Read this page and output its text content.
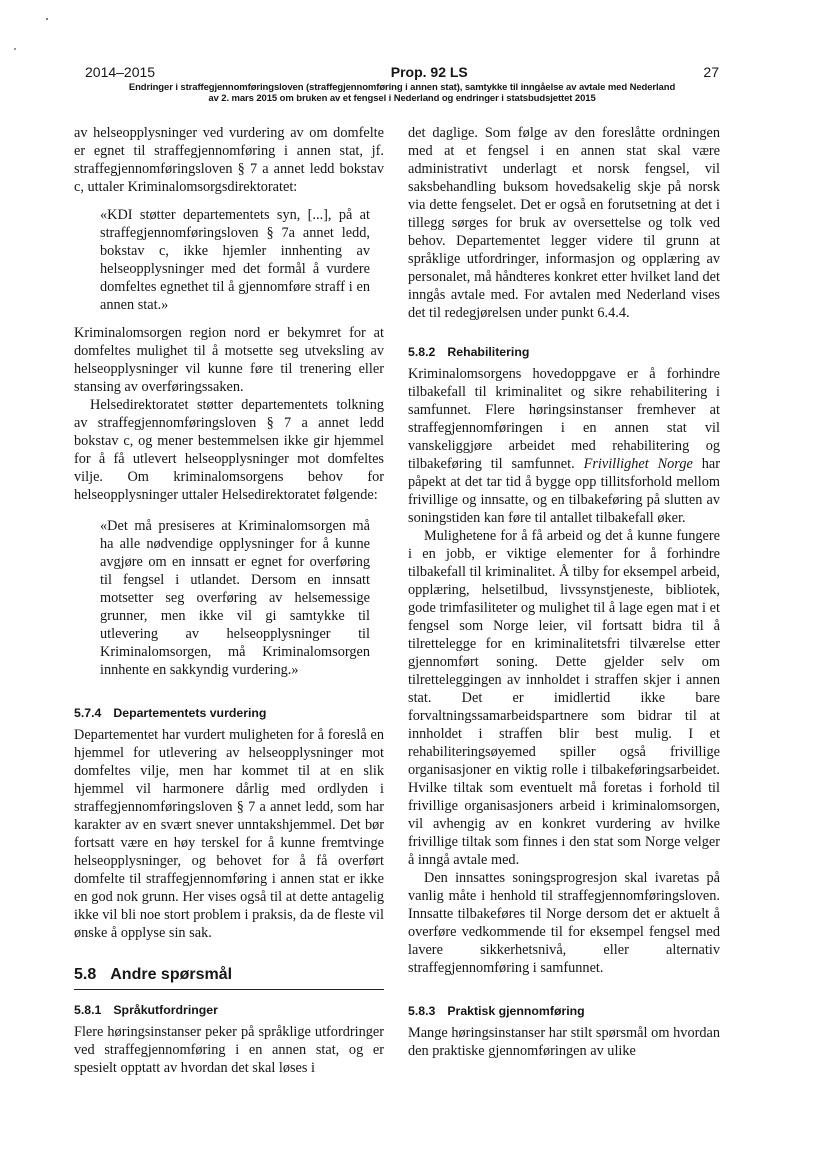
2014–2015	Prop. 92 LS	27
Endringer i straffegjennomføringsloven (straffegjennomføring i annen stat), samtykke til inngåelse av avtale med Nederland
av 2. mars 2015 om bruken av et fengsel i Nederland og endringer i statsbudsjettet 2015

av helseopplysninger ved vurdering av om domfelte er egnet til straffegjennomføring i annen stat, jf. straffegjennomføringsloven § 7 a annet ledd bokstav c, uttaler Kriminalomsorgsdirektoratet:

«KDI støtter departementets syn, [...], på at straffegjennomføringsloven § 7a annet ledd, bokstav c, ikke hjemler innhenting av helseopplysninger med det formål å vurdere domfeltes egnethet til å gjennomføre straff i en annen stat.»

Kriminalomsorgen region nord er bekymret for at domfeltes mulighet til å motsette seg utveksling av helseopplysninger vil kunne føre til trenering eller stansing av overføringssaken.

Helsedirektoratet støtter departementets tolkning av straffegjennomføringsloven § 7 a annet ledd bokstav c, og mener bestemmelsen ikke gir hjemmel for å få utlevert helseopplysninger mot domfeltes vilje. Om kriminalomsorgens behov for helseopplysninger uttaler Helsedirektoratet følgende:

«Det må presiseres at Kriminalomsorgen må ha alle nødvendige opplysninger for å kunne avgjøre om en innsatt er egnet for overføring til fengsel i utlandet. Dersom en innsatt motsetter seg overføring av helsemessige grunner, men ikke vil gi samtykke til utlevering av helseopplysninger til Kriminalomsorgen, må Kriminalomsorgen innhente en sakkyndig vurdering.»

5.7.4 Departementets vurdering

Departementet har vurdert muligheten for å foreslå en hjemmel for utlevering av helseopplysninger mot domfeltes vilje, men har kommet til at en slik hjemmel vil harmonere dårlig med ordlyden i straffegjennomføringsloven § 7 a annet ledd, som har karakter av en svært snever unntakshjemmel. Det bør fortsatt være en høy terskel for å kunne fremtvinge helseopplysninger, og behovet for å få overført domfelte til straffegjennomføring i annen stat er ikke en god nok grunn. Her vises også til at dette antagelig ikke vil bli noe stort problem i praksis, da de fleste vil ønske å opplyse sin sak.

5.8 Andre spørsmål
5.8.1 Språkutfordringer

Flere høringsinstanser peker på språklige utfordringer ved straffegjennomføring i en annen stat, og er spesielt opptatt av hvordan det skal løses i

det daglige. Som følge av den foreslåtte ordningen med at et fengsel i en annen stat skal være administrativt underlagt et norsk fengsel, vil saksbehandling buksom hovedsakelig skje på norsk via dette fengselet. Det er også en forutsetning at det i tillegg sørges for bruk av oversettelse og tolk ved behov. Departementet legger videre til grunn at språklige utfordringer, informasjon og opplæring av personalet, må håndteres konkret etter hvilket land det inngås avtale med. For avtalen med Nederland vises det til redegjørelsen under punkt 6.4.4.

5.8.2 Rehabilitering

Kriminalomsorgens hovedoppgave er å forhindre tilbakefall til kriminalitet og sikre rehabilitering i samfunnet. Flere høringsinstanser fremhever at straffegjennomføringen i en annen stat vil vanskeliggjøre arbeidet med rehabilitering og tilbakeføring til samfunnet. Frivillighet Norge har påpekt at det tar tid å bygge opp tillitsforhold mellom frivillige og innsatte, og en tilbakeføring på slutten av soningstiden kan føre til antallet tilbakefall øker.

Mulighetene for å få arbeid og det å kunne fungere i en jobb, er viktige elementer for å forhindre tilbakefall til kriminalitet. Å tilby for eksempel arbeid, opplæring, helsetilbud, livssynstjeneste, bibliotek, gode trimfasiliteter og mulighet til å lage egen mat i et fengsel som Norge leier, vil fortsatt bidra til å tilrettelegge for en kriminalitetsfri tilværelse etter gjennomført soning. Dette gjelder selv om tilretteleggingen av innholdet i straffen skjer i annen stat. Det er imidlertid ikke bare forvaltningssamarbeidspartnere som bidrar til at innholdet i straffen blir best mulig. I et rehabiliteringsøyemed spiller også frivillige organisasjoner en viktig rolle i tilbakeføringsarbeidet. Hvilke tiltak som eventuelt må foretas i forhold til frivillige organisasjoners arbeid i kriminalomsorgen, vil avhengig av en konkret vurdering av hvilke frivillige tiltak som finnes i den stat som Norge velger å inngå avtale med.

Den innsattes soningsprogresjon skal ivaretas på vanlig måte i henhold til straffegjennomføringsloven. Innsatte tilbakeføres til Norge dersom det er aktuelt å overføre vedkommende til for eksempel fengsel med lavere sikkerhetsnivå, eller alternativ straffegjennomføring i samfunnet.

5.8.3 Praktisk gjennomføring

Mange høringsinstanser har stilt spørsmål om hvordan den praktiske gjennomføringen av ulike
